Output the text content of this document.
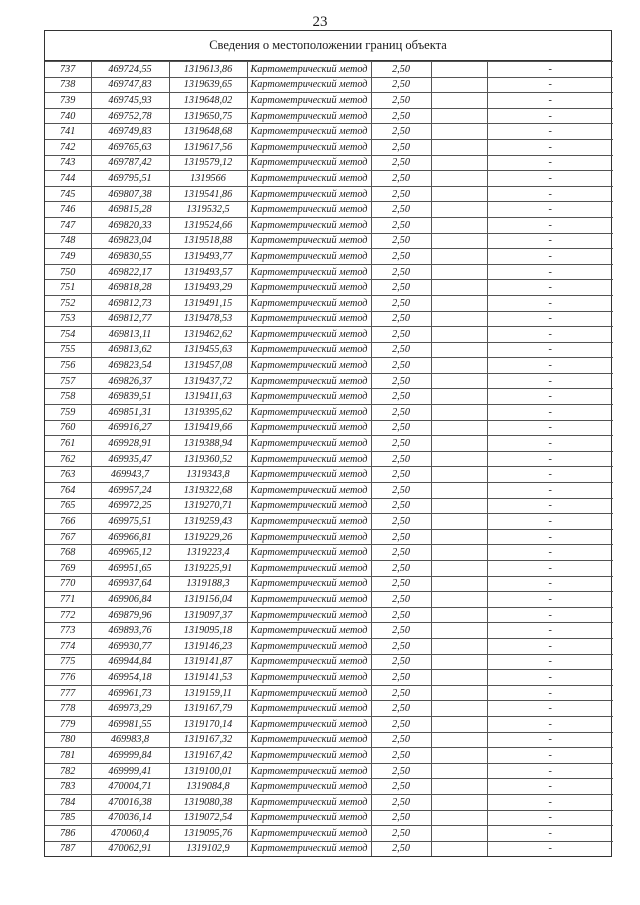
23
Сведения о местоположении границ объекта
737	469724,55	1319613,86	Картометрический метод	2,50		-
738	469747,83	1319639,65	Картометрический метод	2,50		-
739	469745,93	1319648,02	Картометрический метод	2,50		-
740	469752,78	1319650,75	Картометрический метод	2,50		-
741	469749,83	1319648,68	Картометрический метод	2,50		-
742	469765,63	1319617,56	Картометрический метод	2,50		-
743	469787,42	1319579,12	Картометрический метод	2,50		-
744	469795,51	1319566	Картометрический метод	2,50		-
745	469807,38	1319541,86	Картометрический метод	2,50		-
746	469815,28	1319532,5	Картометрический метод	2,50		-
747	469820,33	1319524,66	Картометрический метод	2,50		-
748	469823,04	1319518,88	Картометрический метод	2,50		-
749	469830,55	1319493,77	Картометрический метод	2,50		-
750	469822,17	1319493,57	Картометрический метод	2,50		-
751	469818,28	1319493,29	Картометрический метод	2,50		-
752	469812,73	1319491,15	Картометрический метод	2,50		-
753	469812,77	1319478,53	Картометрический метод	2,50		-
754	469813,11	1319462,62	Картометрический метод	2,50		-
755	469813,62	1319455,63	Картометрический метод	2,50		-
756	469823,54	1319457,08	Картометрический метод	2,50		-
757	469826,37	1319437,72	Картометрический метод	2,50		-
758	469839,51	1319411,63	Картометрический метод	2,50		-
759	469851,31	1319395,62	Картометрический метод	2,50		-
760	469916,27	1319419,66	Картометрический метод	2,50		-
761	469928,91	1319388,94	Картометрический метод	2,50		-
762	469935,47	1319360,52	Картометрический метод	2,50		-
763	469943,7	1319343,8	Картометрический метод	2,50		-
764	469957,24	1319322,68	Картометрический метод	2,50		-
765	469972,25	1319270,71	Картометрический метод	2,50		-
766	469975,51	1319259,43	Картометрический метод	2,50		-
767	469966,81	1319229,26	Картометрический метод	2,50		-
768	469965,12	1319223,4	Картометрический метод	2,50		-
769	469951,65	1319225,91	Картометрический метод	2,50		-
770	469937,64	1319188,3	Картометрический метод	2,50		-
771	469906,84	1319156,04	Картометрический метод	2,50		-
772	469879,96	1319097,37	Картометрический метод	2,50		-
773	469893,76	1319095,18	Картометрический метод	2,50		-
774	469930,77	1319146,23	Картометрический метод	2,50		-
775	469944,84	1319141,87	Картометрический метод	2,50		-
776	469954,18	1319141,53	Картометрический метод	2,50		-
777	469961,73	1319159,11	Картометрический метод	2,50		-
778	469973,29	1319167,79	Картометрический метод	2,50		-
779	469981,55	1319170,14	Картометрический метод	2,50		-
780	469983,8	1319167,32	Картометрический метод	2,50		-
781	469999,84	1319167,42	Картометрический метод	2,50		-
782	469999,41	1319100,01	Картометрический метод	2,50		-
783	470004,71	1319084,8	Картометрический метод	2,50		-
784	470016,38	1319080,38	Картометрический метод	2,50		-
785	470036,14	1319072,54	Картометрический метод	2,50		-
786	470060,4	1319095,76	Картометрический метод	2,50		-
787	470062,91	1319102,9	Картометрический метод	2,50		-
